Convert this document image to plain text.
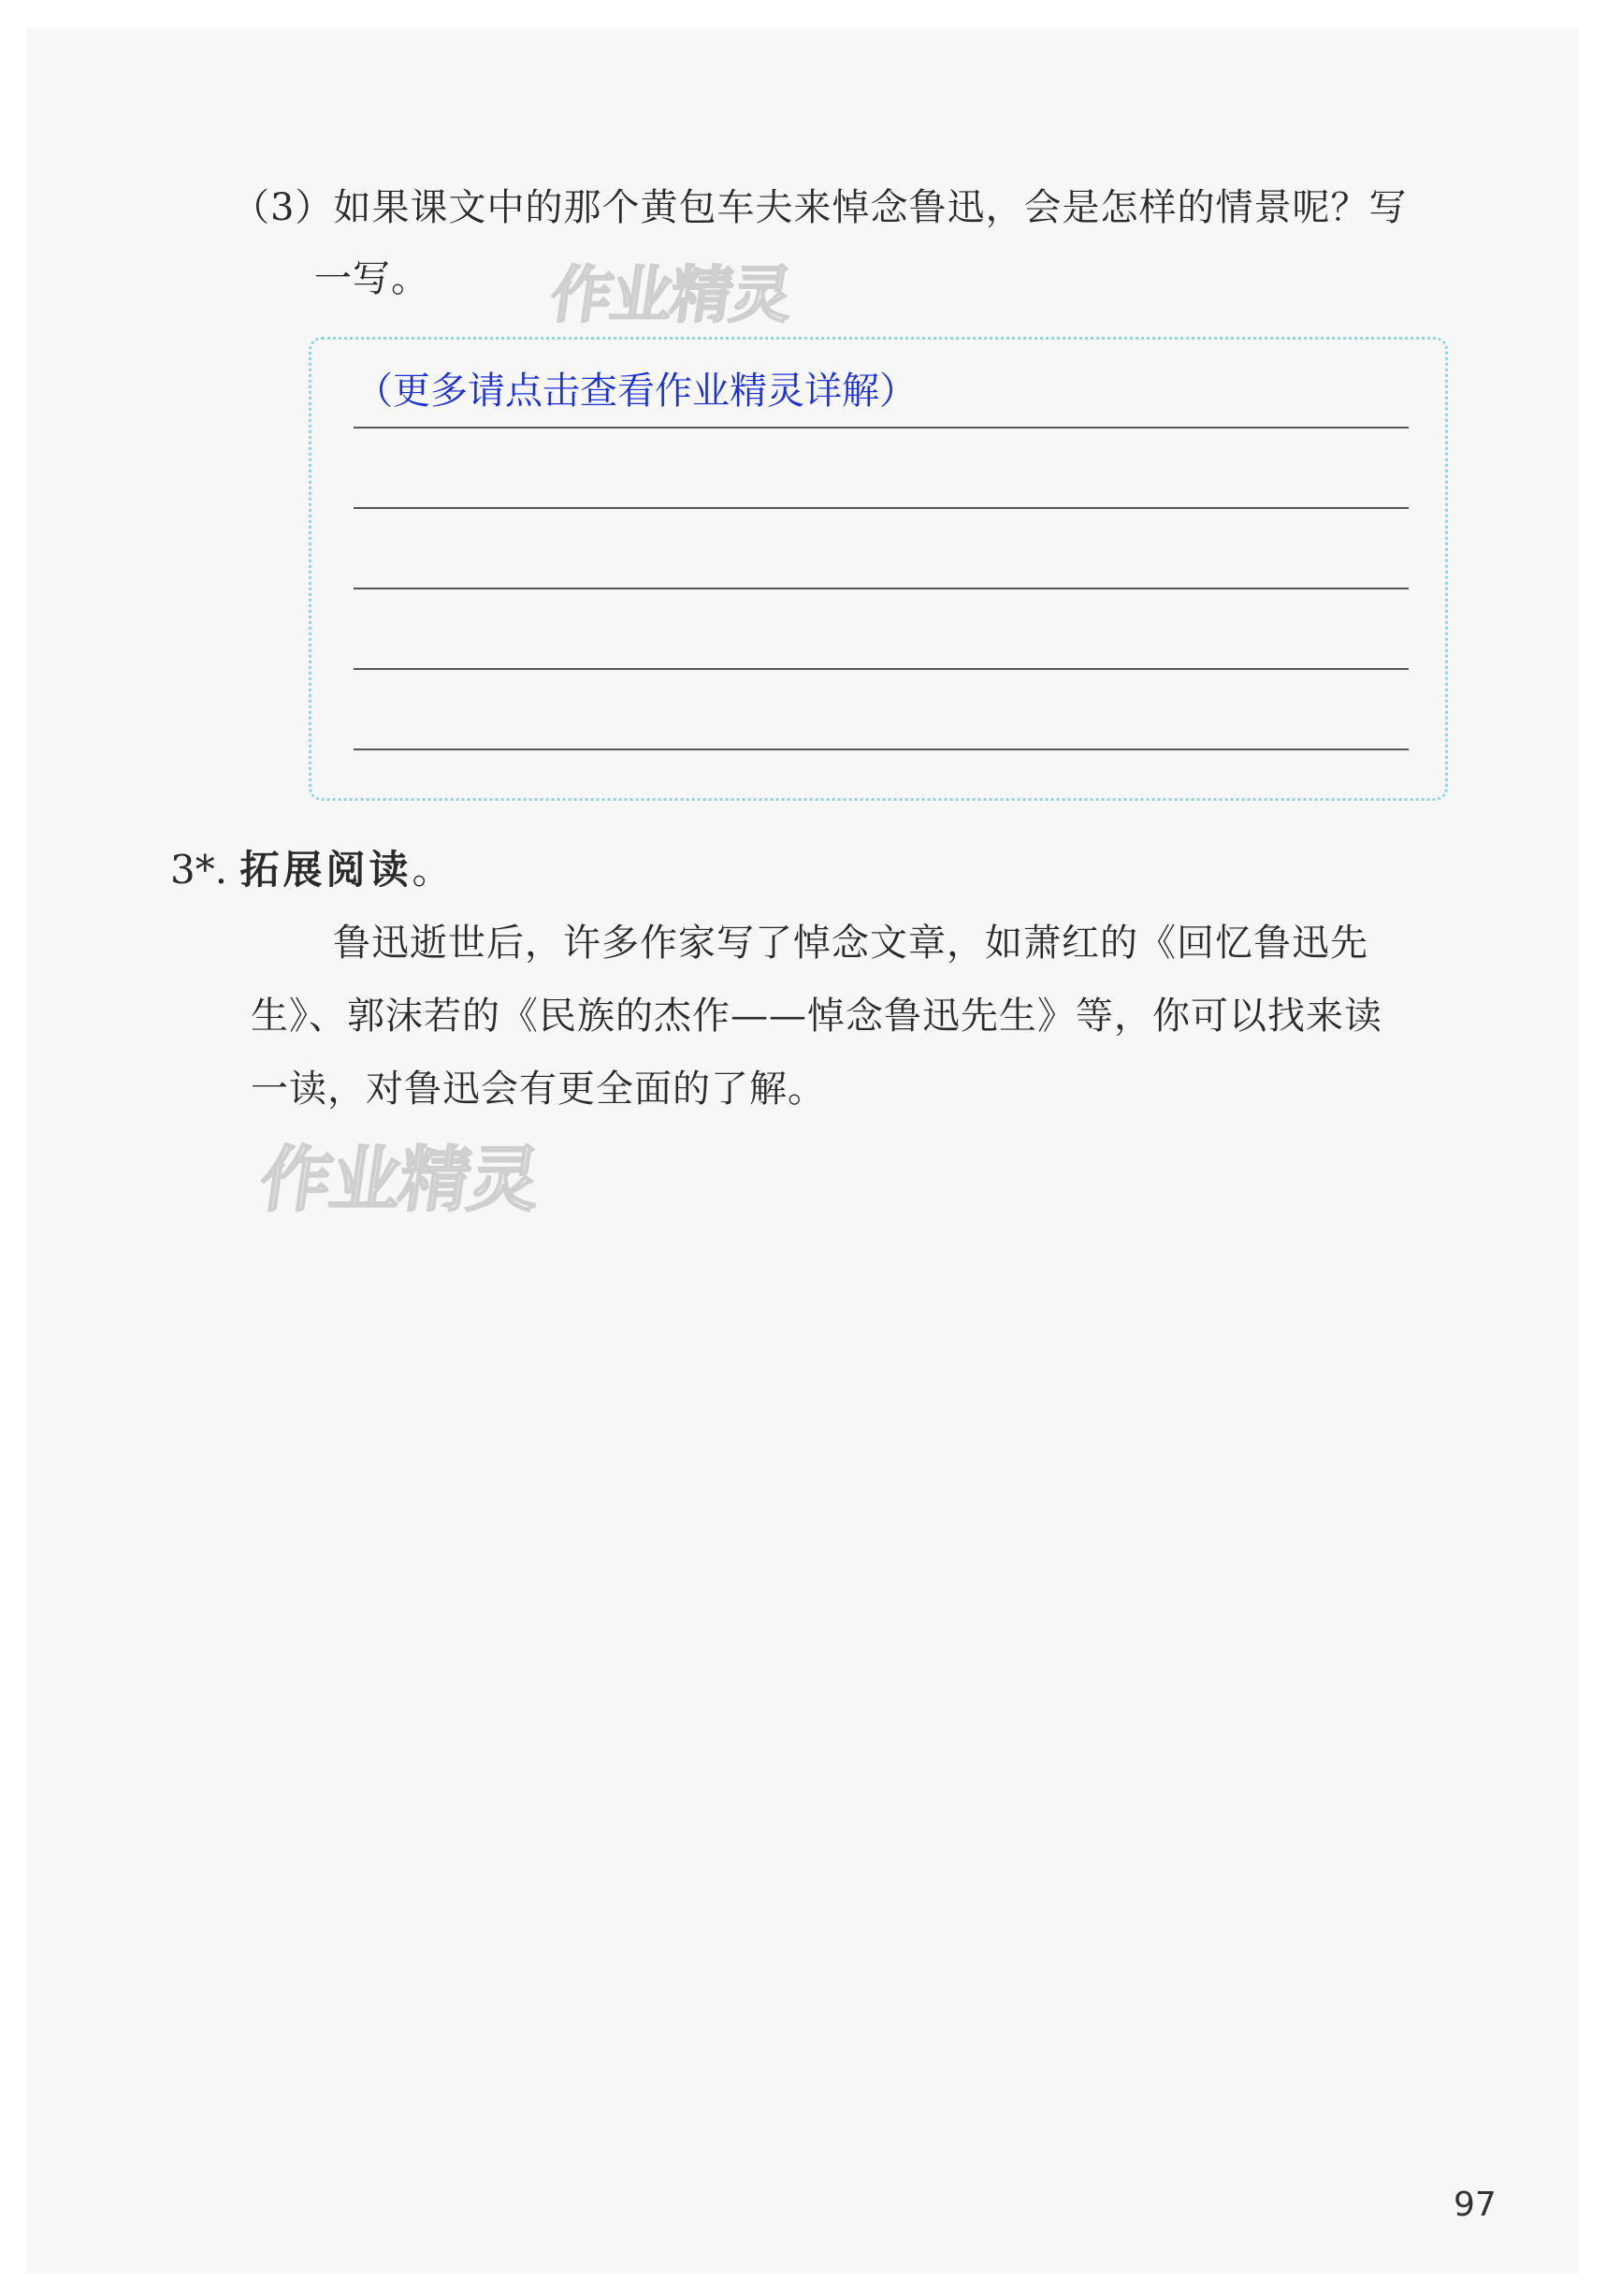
（3）如果课文中的那个黄包车夫来悼念鲁迅，会是怎样的情景呢？写
一写。 作业精灵
（更多请点击查看作业精灵详解）
3*. 拓展阅读。
鲁迅逝世后，许多作家写了悼念文章，如萧红的《回忆鲁迅先
生》、郭沫若的《民族的杰作——悼念鲁迅先生》等，你可以找来读
一读，对鲁迅会有更全面的了解。
作业精灵
97
